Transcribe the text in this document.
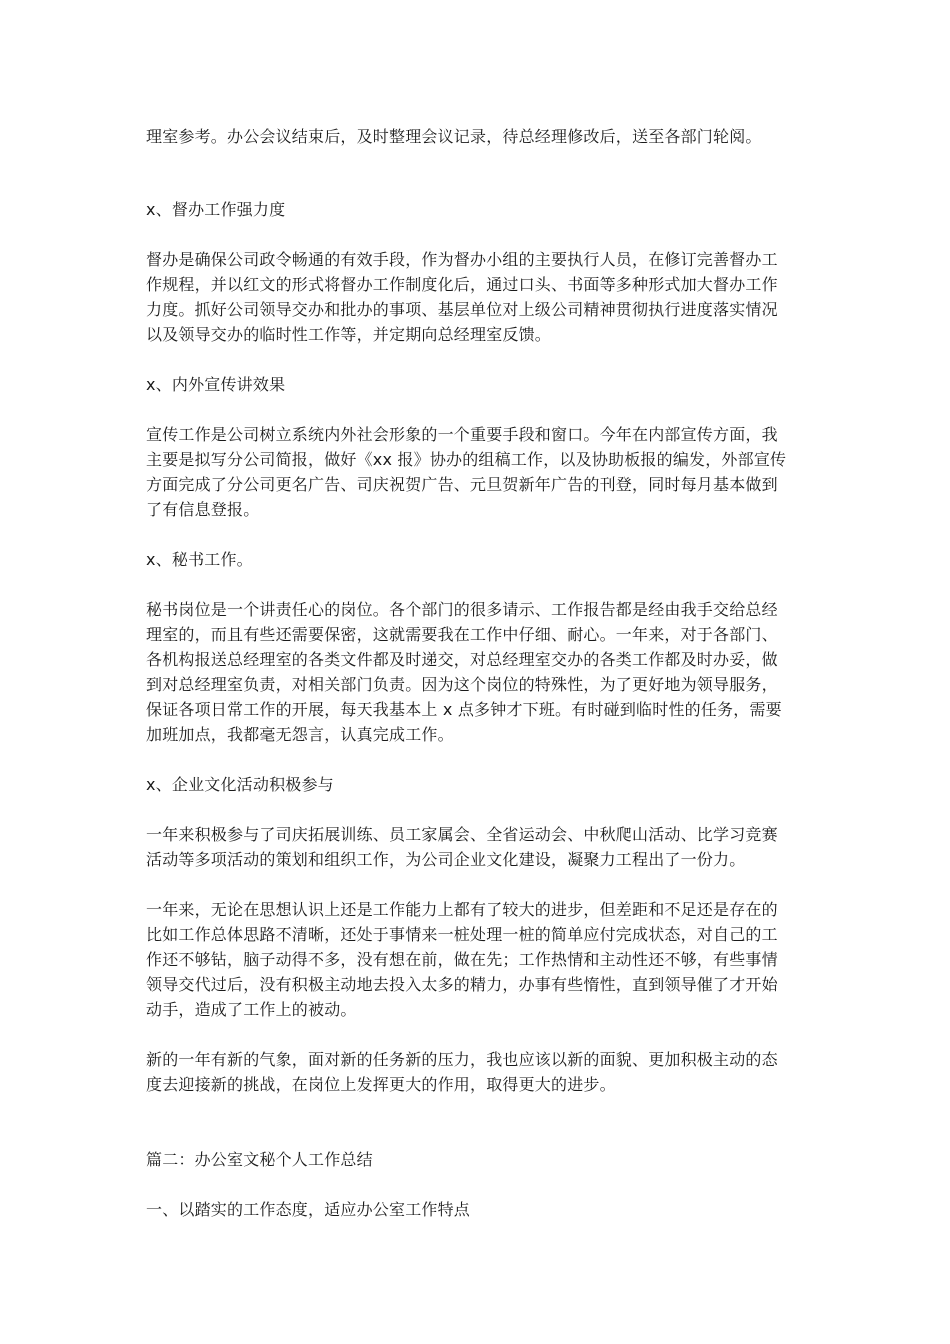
理室参考。办公会议结束后，及时整理会议记录，待总经理修改后，送至各部门轮阅。
x、督办工作强力度
督办是确保公司政令畅通的有效手段，作为督办小组的主要执行人员，在修订完善督办工
作规程，并以红文的形式将督办工作制度化后，通过口头、书面等多种形式加大督办工作
力度。抓好公司领导交办和批办的事项、基层单位对上级公司精神贯彻执行进度落实情况
以及领导交办的临时性工作等，并定期向总经理室反馈。
x、内外宣传讲效果
宣传工作是公司树立系统内外社会形象的一个重要手段和窗口。今年在内部宣传方面，我
主要是拟写分公司简报，做好《xx 报》协办的组稿工作，以及协助板报的编发，外部宣传
方面完成了分公司更名广告、司庆祝贺广告、元旦贺新年广告的刊登，同时每月基本做到
了有信息登报。
x、秘书工作。
秘书岗位是一个讲责任心的岗位。各个部门的很多请示、工作报告都是经由我手交给总经
理室的，而且有些还需要保密，这就需要我在工作中仔细、耐心。一年来，对于各部门、
各机构报送总经理室的各类文件都及时递交，对总经理室交办的各类工作都及时办妥，做
到对总经理室负责，对相关部门负责。因为这个岗位的特殊性，为了更好地为领导服务，
保证各项日常工作的开展，每天我基本上 x 点多钟才下班。有时碰到临时性的任务，需要
加班加点，我都毫无怨言，认真完成工作。
x、企业文化活动积极参与
一年来积极参与了司庆拓展训练、员工家属会、全省运动会、中秋爬山活动、比学习竞赛
活动等多项活动的策划和组织工作，为公司企业文化建设，凝聚力工程出了一份力。
一年来，无论在思想认识上还是工作能力上都有了较大的进步，但差距和不足还是存在的
比如工作总体思路不清晰，还处于事情来一桩处理一桩的简单应付完成状态，对自己的工
作还不够钻，脑子动得不多，没有想在前，做在先；工作热情和主动性还不够，有些事情
领导交代过后，没有积极主动地去投入太多的精力，办事有些惰性，直到领导催了才开始
动手，造成了工作上的被动。
新的一年有新的气象，面对新的任务新的压力，我也应该以新的面貌、更加积极主动的态
度去迎接新的挑战，在岗位上发挥更大的作用，取得更大的进步。
篇二：办公室文秘个人工作总结
一、以踏实的工作态度，适应办公室工作特点
